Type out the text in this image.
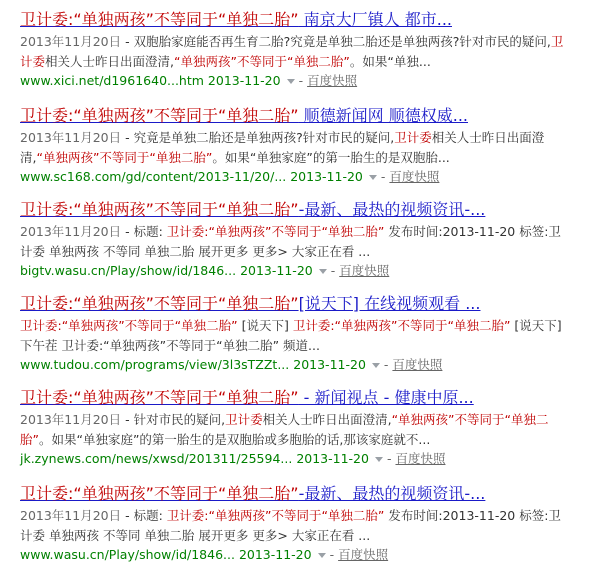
卫计委:“单独两孩”不等同于“单独二胎” 南京大厂镇人 都市...
2013年11月20日 - 双胞胎家庭能否再生育二胎?究竟是单独二胎还是单独两孩?针对市民的疑问,卫计委相关人士昨日出面澄清,“单独两孩”不等同于“单独二胎”。如果“单独...
www.xici.net/d1961640...htm 2013-11-20 - 百度快照
卫计委:“单独两孩”不等同于“单独二胎” 顺德新闻网 顺德权威...
2013年11月20日 - 究竟是单独二胎还是单独两孩?针对市民的疑问,卫计委相关人士昨日出面澄清,“单独两孩”不等同于“单独二胎”。如果“单独家庭”的第一胎生的是双胞胎...
www.sc168.com/gd/content/2013-11/20/... 2013-11-20 - 百度快照
卫计委:“单独两孩”不等同于“单独二胎”-最新、最热的视频资讯-...
2013年11月20日 - 标题: 卫计委:“单独两孩”不等同于“单独二胎” 发布时间:2013-11-20 标签:卫计委 单独两孩 不等同 单独二胎 展开更多 更多> 大家正在看 ...
bigtv.wasu.cn/Play/show/id/1846... 2013-11-20 - 百度快照
卫计委:“单独两孩”不等同于“单独二胎”[说天下] 在线视频观看 ...
卫计委:“单独两孩”不等同于“单独二胎” [说天下] 卫计委:“单独两孩”不等同于“单独二胎” [说天下]下午茬 卫计委:“单独两孩”不等同于“单独二胎” 频道...
www.tudou.com/programs/view/3l3sTZZt... 2013-11-20 - 百度快照
卫计委:“单独两孩”不等同于“单独二胎” - 新闻视点 - 健康中原...
2013年11月20日 - 针对市民的疑问,卫计委相关人士昨日出面澄清,“单独两孩”不等同于“单独二胎”。如果“单独家庭”的第一胎生的是双胞胎或多胞胎的话,那该家庭就不...
jk.zynews.com/news/xwsd/201311/25594... 2013-11-20 - 百度快照
卫计委:“单独两孩”不等同于“单独二胎”-最新、最热的视频资讯-...
2013年11月20日 - 标题: 卫计委:“单独两孩”不等同于“单独二胎” 发布时间:2013-11-20 标签:卫计委 单独两孩 不等同 单独二胎 展开更多 更多> 大家正在看 ...
www.wasu.cn/Play/show/id/1846... 2013-11-20 - 百度快照
